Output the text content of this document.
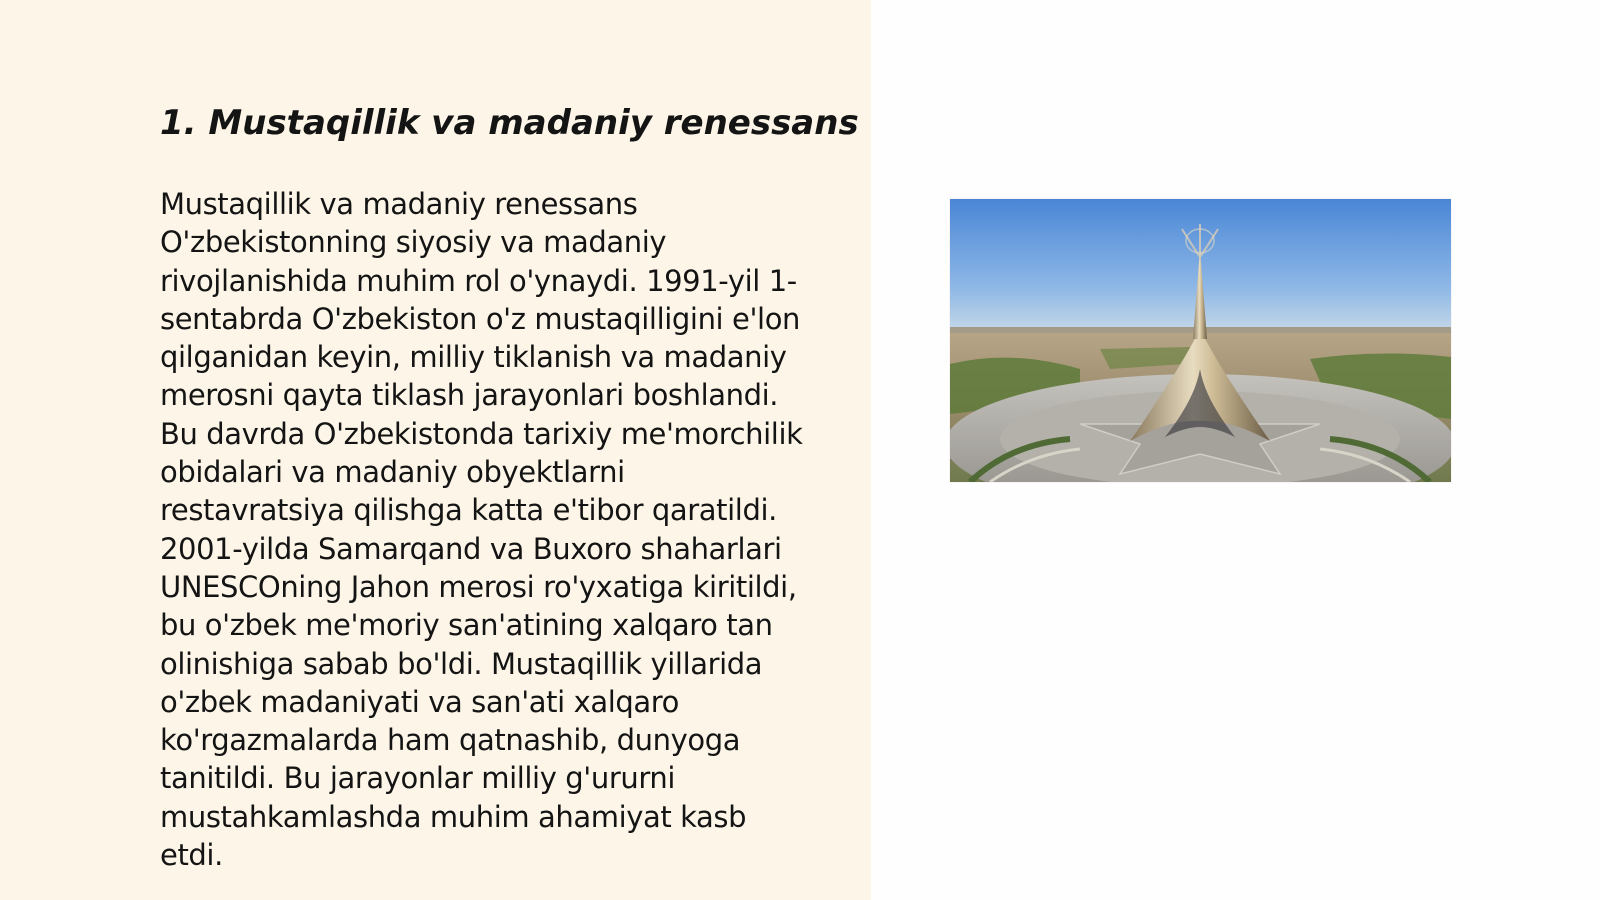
1. Mustaqillik va madaniy renessans
Mustaqillik va madaniy renessans
O'zbekistonning siyosiy va madaniy
rivojlanishida muhim rol o'ynaydi. 1991-yil 1-
sentabrda O'zbekiston o'z mustaqilligini e'lon
qilganidan keyin, milliy tiklanish va madaniy
merosni qayta tiklash jarayonlari boshlandi.
Bu davrda O'zbekistonda tarixiy me'morchilik
obidalari va madaniy obyektlarni
restavratsiya qilishga katta e'tibor qaratildi.
2001-yilda Samarqand va Buxoro shaharlari
UNESCOning Jahon merosi ro'yxatiga kiritildi,
bu o'zbek me'moriy san'atining xalqaro tan
olinishiga sabab bo'ldi. Mustaqillik yillarida
o'zbek madaniyati va san'ati xalqaro
ko'rgazmalarda ham qatnashib, dunyoga
tanitildi. Bu jarayonlar milliy g'ururni
mustahkamlashda muhim ahamiyat kasb
etdi.
